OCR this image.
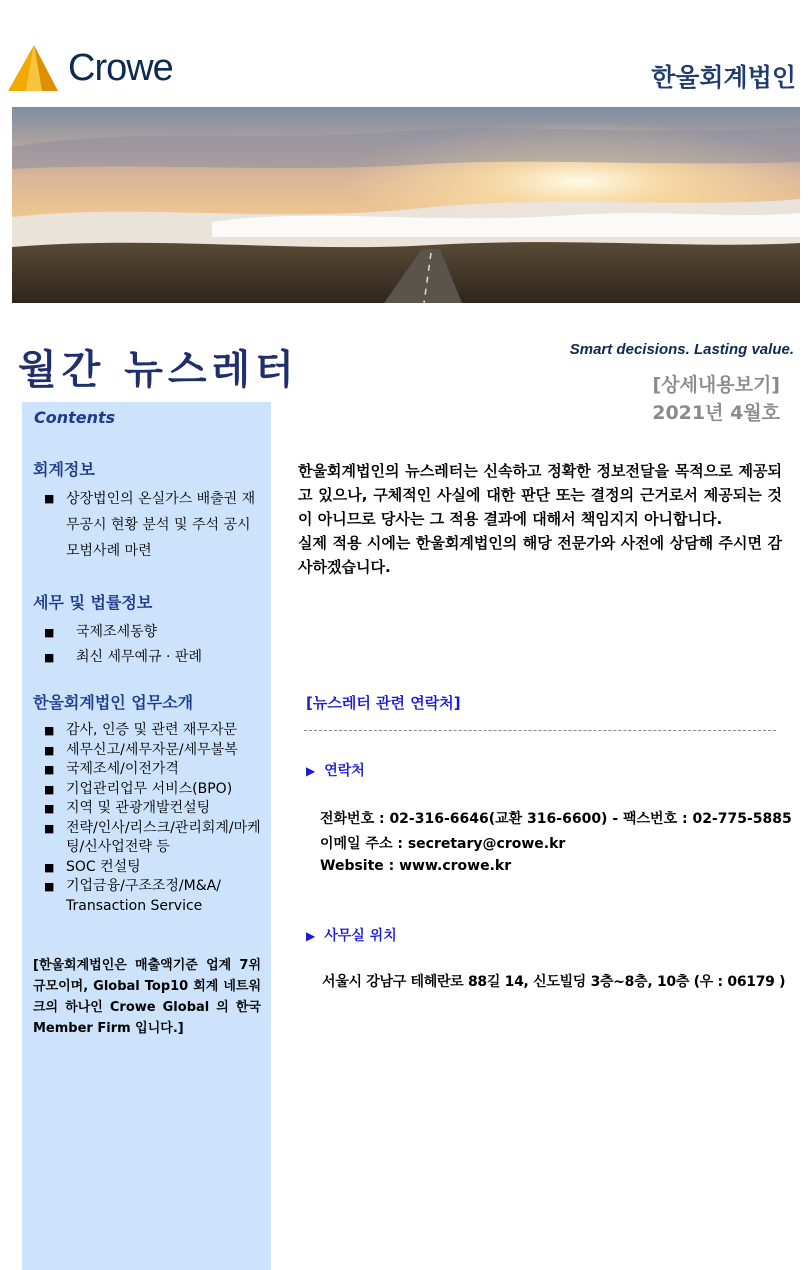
Crowe	한울회계법인
월간 뉴스레터	Smart decisions. Lasting value.
[상세내용보기]
2021년 4월호
Contents
회계정보
■ 상장법인의 온실가스 배출권 재무공시 현황 분석 및 주석 공시 모범사례 마련
세무 및 법률정보
■ 국제조세동향
■ 최신 세무예규 · 판례
한울회계법인 업무소개
■ 감사, 인증 및 관련 재무자문
■ 세무신고/세무자문/세무불복
■ 국제조세/이전가격
■ 기업관리업무 서비스(BPO)
■ 지역 및 관광개발컨설팅
■ 전략/인사/리스크/관리회계/마케팅/신사업전략 등
■ SOC 컨설팅
■ 기업금융/구조조정/M&A/ Transaction Service
[한울회계법인은 매출액기준 업계 7위 규모이며, Global Top10 회계 네트워크의 하나인 Crowe Global 의 한국 Member Firm 입니다.]

한울회계법인의 뉴스레터는 신속하고 정확한 정보전달을 목적으로 제공되고 있으나, 구체적인 사실에 대한 판단 또는 결정의 근거로서 제공되는 것이 아니므로 당사는 그 적용 결과에 대해서 책임지지 아니합니다.

실제 적용 시에는 한울회계법인의 해당 전문가와 사전에 상담해 주시면 감사하겠습니다.

[뉴스레터 관련 연락처]
▶ 연락처
전화번호 : 02-316-6646(교환 316-6600) - 팩스번호 : 02-775-5885
이메일 주소 : secretary@crowe.kr
Website : www.crowe.kr
▶ 사무실 위치
서울시 강남구 테헤란로 88길 14, 신도빌딩 3층~8층, 10층 (우 : 06179 )
